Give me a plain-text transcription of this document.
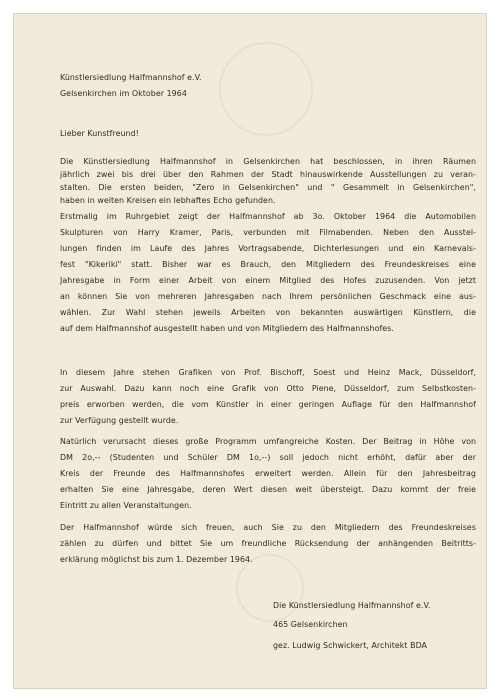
Künstlersiedlung Halfmannshof e.V.
Gelsenkirchen im Oktober 1964
Lieber Kunstfreund!
Die Künstlersiedlung Halfmannshof in Gelsenkirchen hat beschlossen, in ihren Räumen
jährlich zwei bis drei über den Rahmen der Stadt hinauswirkende Ausstellungen zu veran-
stalten. Die ersten beiden, "Zero in Gelsenkirchen" und " Gesammelt in Gelsenkirchen",
haben in weiten Kreisen ein lebhaftes Echo gefunden.
Erstmalig im Ruhrgebiet zeigt der Halfmannshof ab 3o. Oktober 1964 die Automobilen
Skulpturen von Harry Kramer, Paris, verbunden mit Filmabenden. Neben den Ausstel-
lungen finden im Laufe des Jahres Vortragsabende, Dichterlesungen und ein Karnevals-
fest "Kikeriki" statt. Bisher war es Brauch, den Mitgliedern des Freundeskreises eine
Jahresgabe in Form einer Arbeit von einem Mitglied des Hofes zuzusenden. Von jetzt
an können Sie von mehreren Jahresgaben nach Ihrem persönlichen Geschmack eine aus-
wählen. Zur Wahl stehen jeweils Arbeiten von bekannten auswärtigen Künstlern, die
auf dem Halfmannshof ausgestellt haben und von Mitgliedern des Halfmannshofes.
In diesem Jahre stehen Grafiken von Prof. Bischoff, Soest und Heinz Mack, Düsseldorf,
zur Auswahl. Dazu kann noch eine Grafik von Otto Piene, Düsseldorf, zum Selbstkosten-
preis erworben werden, die vom Künstler in einer geringen Auflage für den Halfmannshof
zur Verfügung gestellt wurde.
Natürlich verursacht dieses große Programm umfangreiche Kosten. Der Beitrag in Höhe von
DM 2o,-- (Studenten und Schüler DM 1o,--) soll jedoch nicht erhöht, dafür aber der
Kreis der Freunde des Halfmannshofes erweitert werden. Allein für den Jahresbeitrag
erhalten Sie eine Jahresgabe, deren Wert diesen weit übersteigt. Dazu kommt der freie
Eintritt zu allen Veranstaltungen.
Der Halfmannshof würde sich freuen, auch Sie zu den Mitgliedern des Freundeskreises
zählen zu dürfen und bittet Sie um freundliche Rücksendung der anhängenden Beitritts-
erklärung möglichst bis zum 1. Dezember 1964.
Die Künstlersiedlung Halfmannshof e.V.
465 Gelsenkirchen
gez. Ludwig Schwickert, Architekt BDA
